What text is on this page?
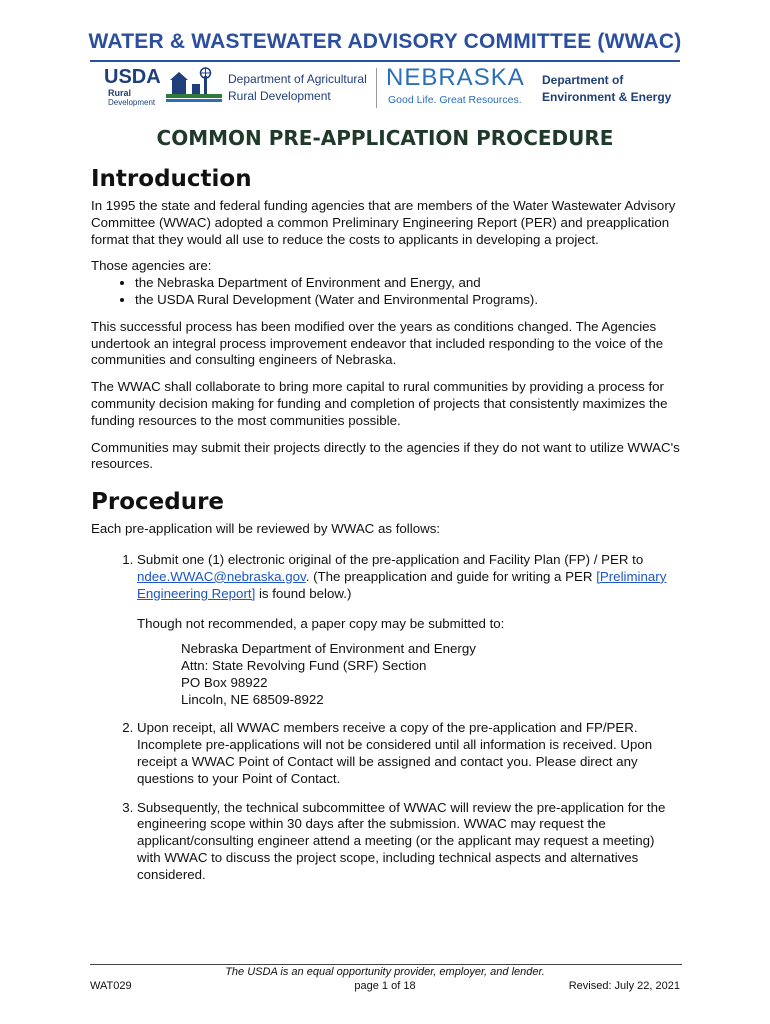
WATER & WASTEWATER ADVISORY COMMITTEE (WWAC)
USDA
Rural
Development
Department of Agricultural
Rural Development
NEBRASKA
Good Life. Great Resources.
Department of
Environment & Energy
COMMON PRE-APPLICATION PROCEDURE
Introduction

In 1995 the state and federal funding agencies that are members of the Water Wastewater Advisory Committee (WWAC) adopted a common Preliminary Engineering Report (PER) and preapplication format that they would all use to reduce the costs to applicants in developing a project.

Those agencies are:
• the Nebraska Department of Environment and Energy, and
• the USDA Rural Development (Water and Environmental Programs).

This successful process has been modified over the years as conditions changed. The Agencies undertook an integral process improvement endeavor that included responding to the voice of the communities and consulting engineers of Nebraska.

The WWAC shall collaborate to bring more capital to rural communities by providing a process for community decision making for funding and completion of projects that consistently maximizes the funding resources to the most communities possible.

Communities may submit their projects directly to the agencies if they do not want to utilize WWAC's resources.

Procedure

Each pre-application will be reviewed by WWAC as follows:

1. Submit one (1) electronic original of the pre-application and Facility Plan (FP) / PER to ndee.WWAC@nebraska.gov. (The preapplication and guide for writing a PER [Preliminary Engineering Report] is found below.)
Though not recommended, a paper copy may be submitted to:
Nebraska Department of Environment and Energy
Attn: State Revolving Fund (SRF) Section
PO Box 98922
Lincoln, NE 68509-8922
2. Upon receipt, all WWAC members receive a copy of the pre-application and FP/PER. Incomplete pre-applications will not be considered until all information is received. Upon receipt a WWAC Point of Contact will be assigned and contact you. Please direct any questions to your Point of Contact.
3. Subsequently, the technical subcommittee of WWAC will review the pre-application for the engineering scope within 30 days after the submission. WWAC may request the applicant/consulting engineer attend a meeting (or the applicant may request a meeting) with WWAC to discuss the project scope, including technical aspects and alternatives considered.
The USDA is an equal opportunity provider, employer, and lender.
WAT029	page 1 of 18	Revised: July 22, 2021
